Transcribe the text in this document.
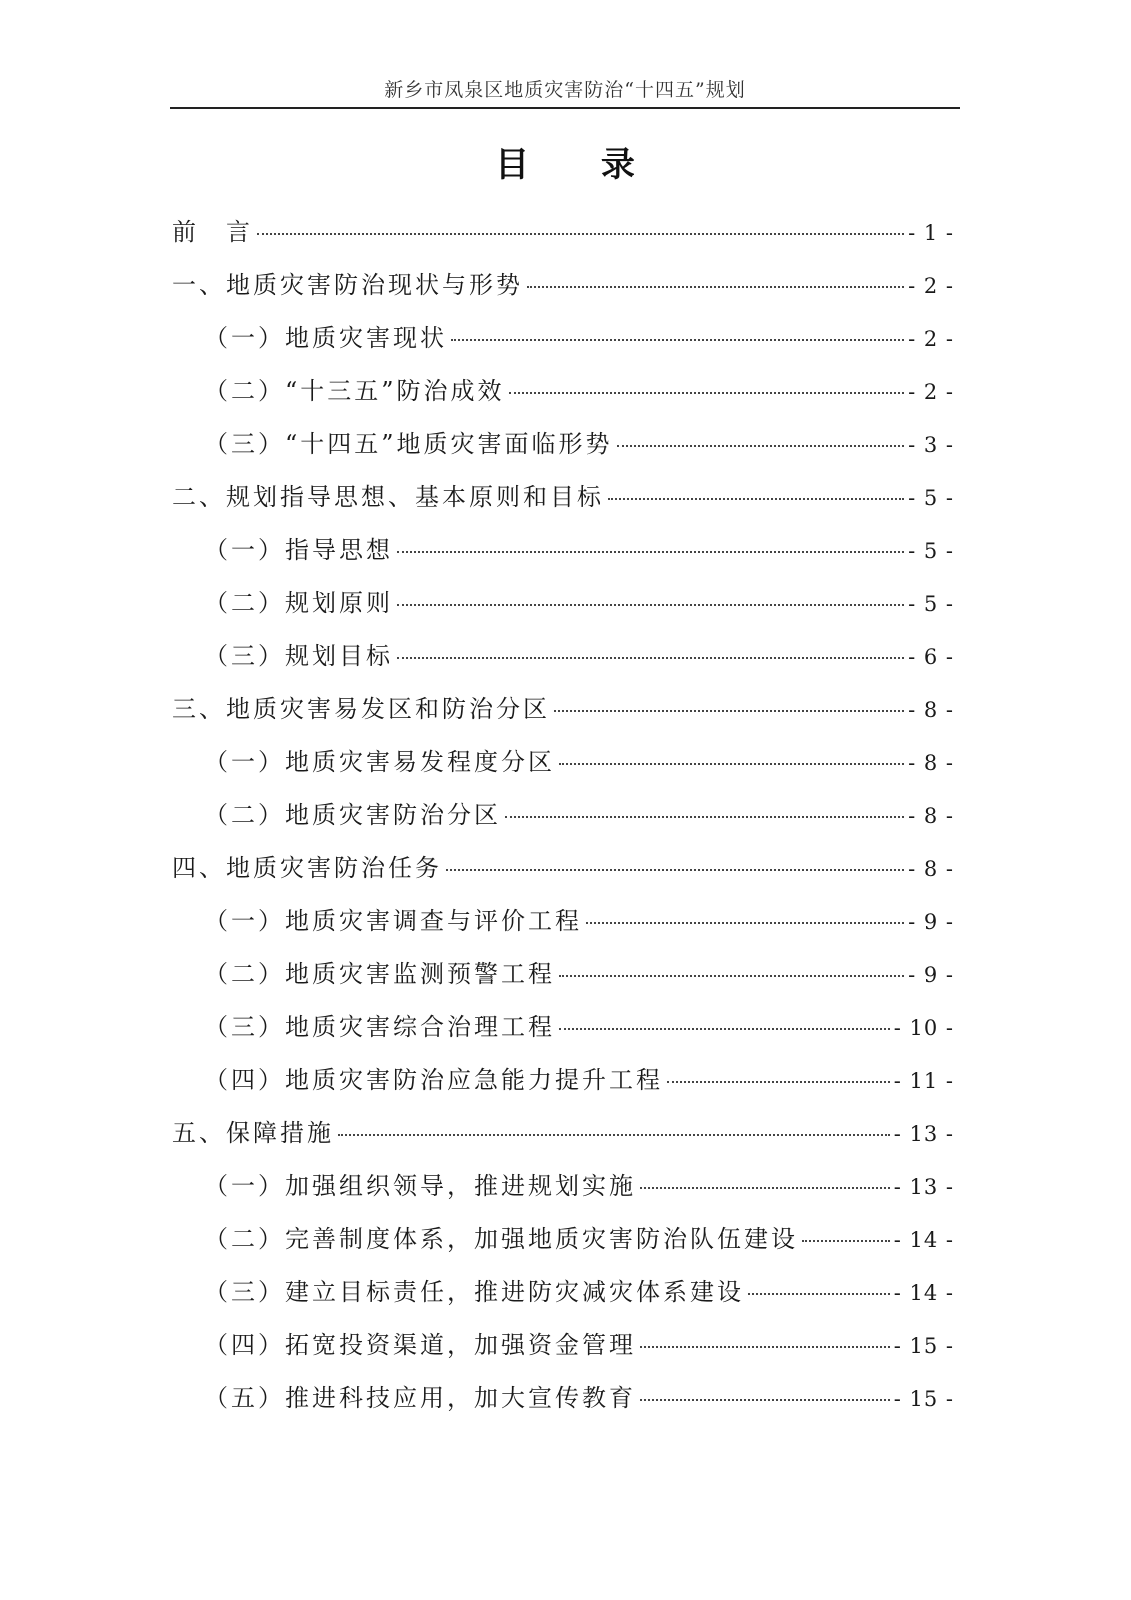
新乡市凤泉区地质灾害防治“十四五”规划
目 录
前　言	- 1 -
一、地质灾害防治现状与形势	- 2 -
（一）地质灾害现状	- 2 -
（二）“十三五”防治成效	- 2 -
（三）“十四五”地质灾害面临形势	- 3 -
二、规划指导思想、基本原则和目标	- 5 -
（一）指导思想	- 5 -
（二）规划原则	- 5 -
（三）规划目标	- 6 -
三、地质灾害易发区和防治分区	- 8 -
（一）地质灾害易发程度分区	- 8 -
（二）地质灾害防治分区	- 8 -
四、地质灾害防治任务	- 8 -
（一）地质灾害调查与评价工程	- 9 -
（二）地质灾害监测预警工程	- 9 -
（三）地质灾害综合治理工程	- 10 -
（四）地质灾害防治应急能力提升工程	- 11 -
五、保障措施	- 13 -
（一）加强组织领导，推进规划实施	- 13 -
（二）完善制度体系，加强地质灾害防治队伍建设	- 14 -
（三）建立目标责任，推进防灾减灾体系建设	- 14 -
（四）拓宽投资渠道，加强资金管理	- 15 -
（五）推进科技应用，加大宣传教育	- 15 -
